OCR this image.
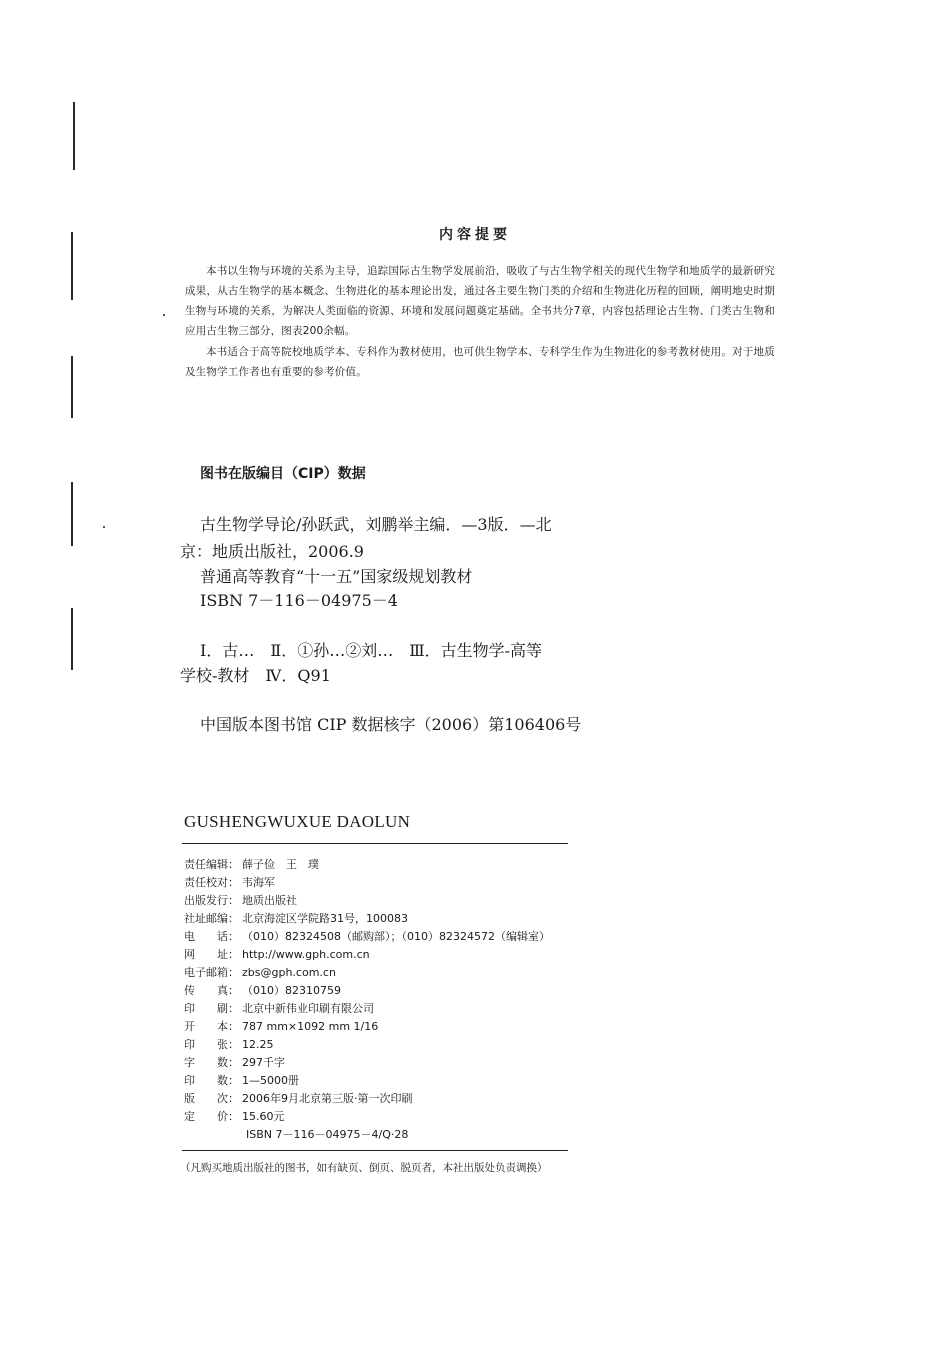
内容提要
本书以生物与环境的关系为主导，追踪国际古生物学发展前沿，吸收了与古生物学相关的现代生物学和地质学的最新研究成果，从古生物学的基本概念、生物进化的基本理论出发，通过各主要生物门类的介绍和生物进化历程的回顾，阐明地史时期生物与环境的关系，为解决人类面临的资源、环境和发展问题奠定基础。全书共分7章，内容包括理论古生物、门类古生物和应用古生物三部分，图表200余幅。
本书适合于高等院校地质学本、专科作为教材使用，也可供生物学本、专科学生作为生物进化的参考教材使用。对于地质及生物学工作者也有重要的参考价值。
图书在版编目（CIP）数据
古生物学导论/孙跃武，刘鹏举主编．—3版．—北
京：地质出版社，2006.9
普通高等教育“十一五”国家级规划教材
ISBN 7－116－04975－4
Ⅰ．古…　Ⅱ．①孙…②刘…　Ⅲ．古生物学-高等
学校-教材　Ⅳ．Q91
中国版本图书馆 CIP 数据核字（2006）第106406号
GUSHENGWUXUE DAOLUN
责任编辑： 薛子俭　王　璞
责任校对： 韦海军
出版发行： 地质出版社
社址邮编： 北京海淀区学院路31号，100083
电　　话： （010）82324508（邮购部）；（010）82324572（编辑室）
网　　址： http://www.gph.com.cn
电子邮箱： zbs@gph.com.cn
传　　真： （010）82310759
印　　刷： 北京中新伟业印刷有限公司
开　　本： 787 mm×1092 mm 1/16
印　　张： 12.25
字　　数： 297千字
印　　数： 1—5000册
版　　次： 2006年9月北京第三版·第一次印刷
定　　价： 15.60元
ISBN 7－116－04975－4/Q·28
（凡购买地质出版社的图书，如有缺页、倒页、脱页者，本社出版处负责调换）
